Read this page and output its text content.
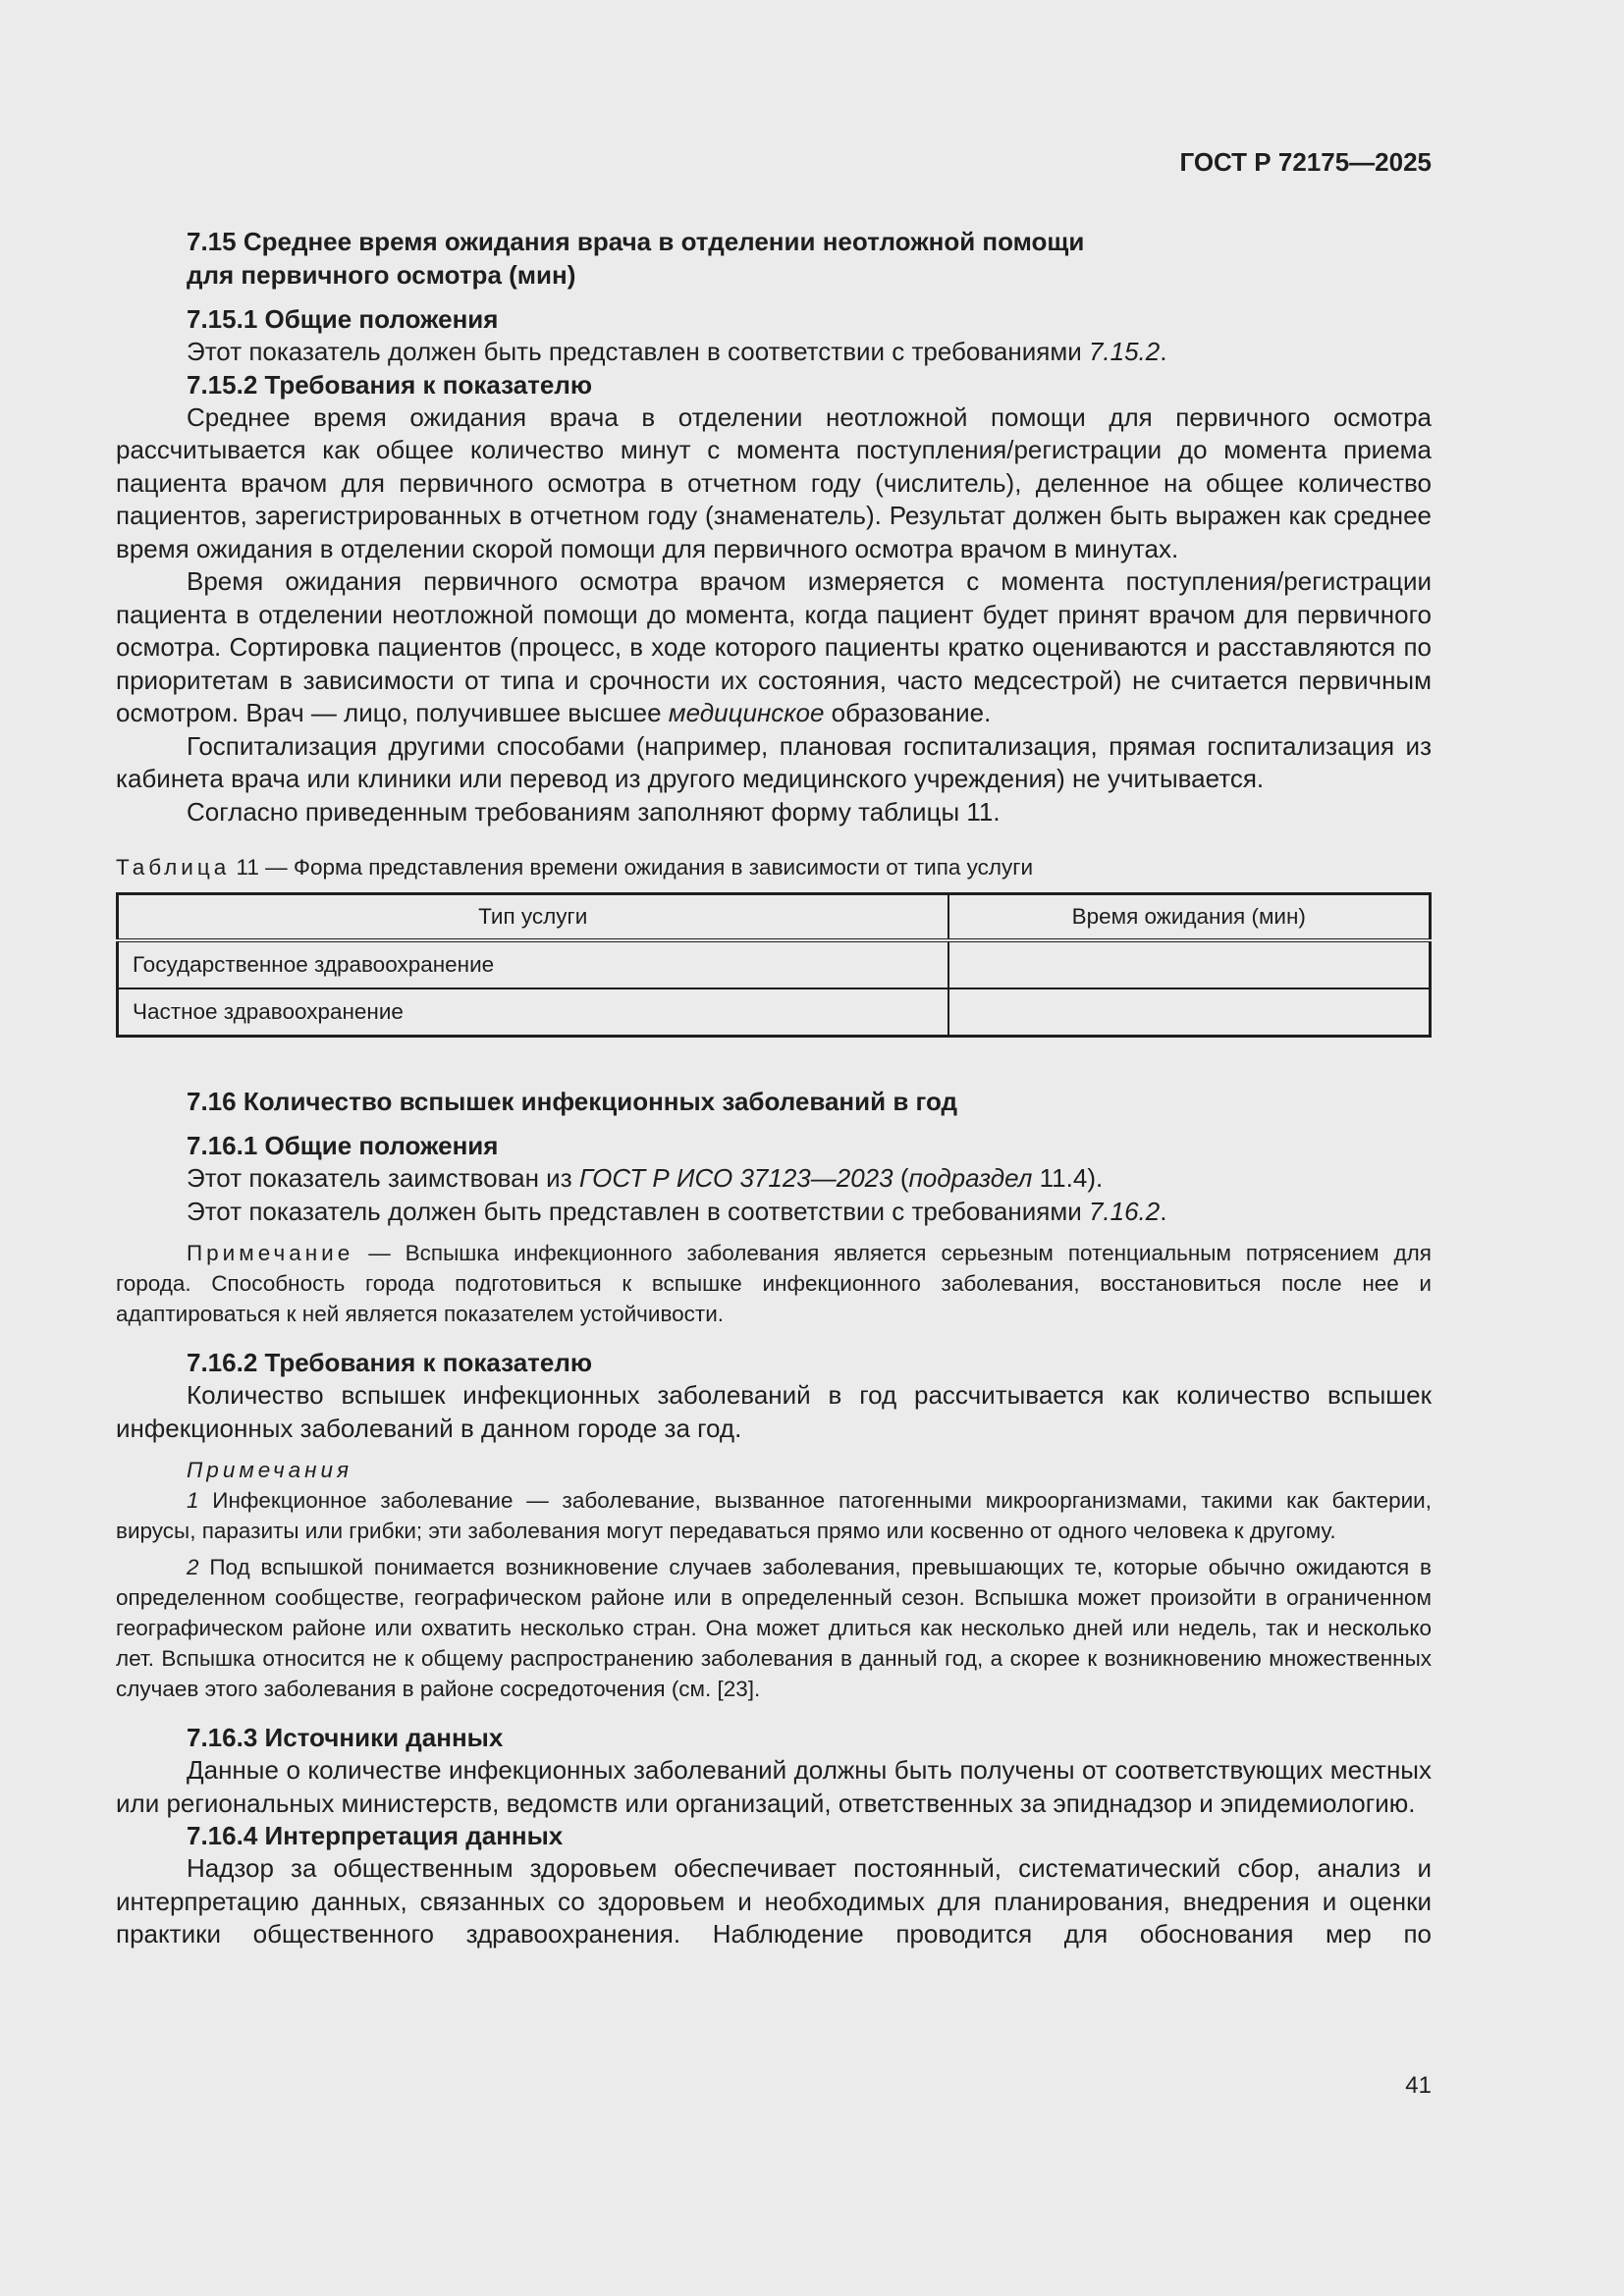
ГОСТ Р 72175—2025
7.15 Среднее время ожидания врача в отделении неотложной помощи
для первичного осмотра (мин)
7.15.1 Общие положения

Этот показатель должен быть представлен в соответствии с требованиями 7.15.2.

7.15.2 Требования к показателю

Среднее время ожидания врача в отделении неотложной помощи для первичного осмотра рассчитывается как общее количество минут с момента поступления/регистрации до момента приема пациента врачом для первичного осмотра в отчетном году (числитель), деленное на общее количество пациентов, зарегистрированных в отчетном году (знаменатель). Результат должен быть выражен как среднее время ожидания в отделении скорой помощи для первичного осмотра врачом в минутах.

Время ожидания первичного осмотра врачом измеряется с момента поступления/регистрации пациента в отделении неотложной помощи до момента, когда пациент будет принят врачом для первичного осмотра. Сортировка пациентов (процесс, в ходе которого пациенты кратко оцениваются и расставляются по приоритетам в зависимости от типа и срочности их состояния, часто медсестрой) не считается первичным осмотром. Врач — лицо, получившее высшее медицинское образование.

Госпитализация другими способами (например, плановая госпитализация, прямая госпитализация из кабинета врача или клиники или перевод из другого медицинского учреждения) не учитывается.

Согласно приведенным требованиям заполняют форму таблицы 11.

Таблица 11 — Форма представления времени ожидания в зависимости от типа услуги
Тип услуги	Время ожидания (мин)
Государственное здравоохранение	
Частное здравоохранение	
7.16 Количество вспышек инфекционных заболеваний в год
7.16.1 Общие положения

Этот показатель заимствован из ГОСТ Р ИСО 37123—2023 (подраздел 11.4).

Этот показатель должен быть представлен в соответствии с требованиями 7.16.2.

Примечание — Вспышка инфекционного заболевания является серьезным потенциальным потрясением для города. Способность города подготовиться к вспышке инфекционного заболевания, восстановиться после нее и адаптироваться к ней является показателем устойчивости.

7.16.2 Требования к показателю

Количество вспышек инфекционных заболеваний в год рассчитывается как количество вспышек инфекционных заболеваний в данном городе за год.

Примечания

1 Инфекционное заболевание — заболевание, вызванное патогенными микроорганизмами, такими как бактерии, вирусы, паразиты или грибки; эти заболевания могут передаваться прямо или косвенно от одного человека к другому.

2 Под вспышкой понимается возникновение случаев заболевания, превышающих те, которые обычно ожидаются в определенном сообществе, географическом районе или в определенный сезон. Вспышка может произойти в ограниченном географическом районе или охватить несколько стран. Она может длиться как несколько дней или недель, так и несколько лет. Вспышка относится не к общему распространению заболевания в данный год, а скорее к возникновению множественных случаев этого заболевания в районе сосредоточения (см. [23].

7.16.3 Источники данных

Данные о количестве инфекционных заболеваний должны быть получены от соответствующих местных или региональных министерств, ведомств или организаций, ответственных за эпиднадзор и эпидемиологию.

7.16.4 Интерпретация данных

Надзор за общественным здоровьем обеспечивает постоянный, систематический сбор, анализ и интерпретацию данных, связанных со здоровьем и необходимых для планирования, внедрения и оценки практики общественного здравоохранения. Наблюдение проводится для обоснования мер по

41
